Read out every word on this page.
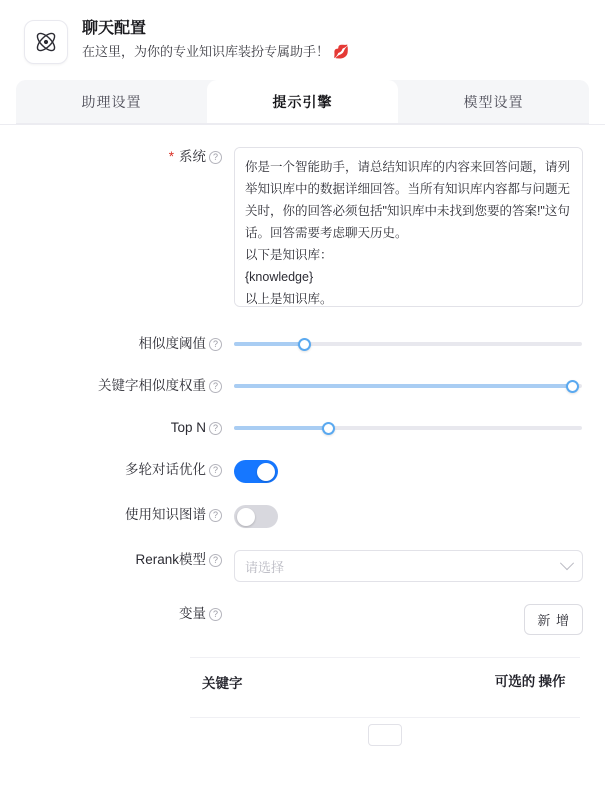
聊天配置
在这里，为你的专业知识库装扮专属助手！ 💋
助理设置	提示引擎	模型设置
* 系统 ?
你是一个智能助手，请总结知识库的内容来回答问题，请列举知识库中的数据详细回答。当所有知识库内容都与问题无关时，你的回答必须包括"知识库中未找到您要的答案!"这句话。回答需要考虑聊天历史。 以下是知识库： {knowledge} 以上是知识库。
相似度阈值 ?
关键字相似度权重 ?
Top N ?
多轮对话优化 ?
使用知识图谱 ?
Rerank模型 ?	请选择
变量 ?	新 增
关键字	可选的 操作
